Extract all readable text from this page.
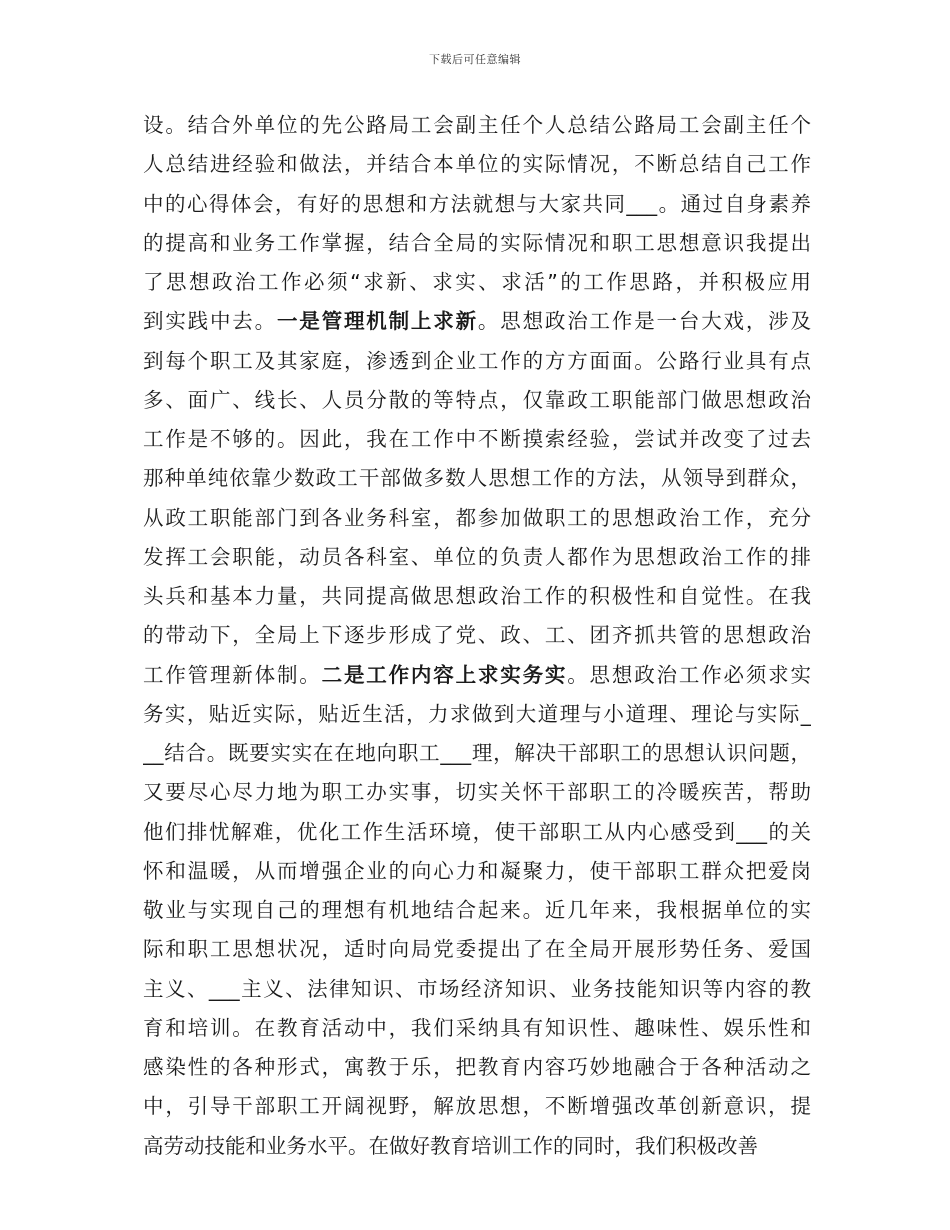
下载后可任意编辑
设。结合外单位的先公路局工会副主任个人总结公路局工会副主任个
人总结进经验和做法，并结合本单位的实际情况，不断总结自己工作
中的心得体会，有好的思想和方法就想与大家共同___。通过自身素养
的提高和业务工作掌握，结合全局的实际情况和职工思想意识我提出
了思想政治工作必须“求新、求实、求活”的工作思路，并积极应用
到实践中去。一是管理机制上求新。思想政治工作是一台大戏，涉及
到每个职工及其家庭，渗透到企业工作的方方面面。公路行业具有点
多、面广、线长、人员分散的等特点，仅靠政工职能部门做思想政治
工作是不够的。因此，我在工作中不断摸索经验，尝试并改变了过去
那种单纯依靠少数政工干部做多数人思想工作的方法，从领导到群众，
从政工职能部门到各业务科室，都参加做职工的思想政治工作，充分
发挥工会职能，动员各科室、单位的负责人都作为思想政治工作的排
头兵和基本力量，共同提高做思想政治工作的积极性和自觉性。在我
的带动下，全局上下逐步形成了党、政、工、团齐抓共管的思想政治
工作管理新体制。二是工作内容上求实务实。思想政治工作必须求实
务实，贴近实际，贴近生活，力求做到大道理与小道理、理论与实际_
__结合。既要实实在在地向职工___理，解决干部职工的思想认识问题，
又要尽心尽力地为职工办实事，切实关怀干部职工的冷暖疾苦，帮助
他们排忧解难，优化工作生活环境，使干部职工从内心感受到___的关
怀和温暖，从而增强企业的向心力和凝聚力，使干部职工群众把爱岗
敬业与实现自己的理想有机地结合起来。近几年来，我根据单位的实
际和职工思想状况，适时向局党委提出了在全局开展形势任务、爱国
主义、___主义、法律知识、市场经济知识、业务技能知识等内容的教
育和培训。在教育活动中，我们采纳具有知识性、趣味性、娱乐性和
感染性的各种形式，寓教于乐，把教育内容巧妙地融合于各种活动之
中，引导干部职工开阔视野，解放思想，不断增强改革创新意识，提
高劳动技能和业务水平。在做好教育培训工作的同时，我们积极改善
